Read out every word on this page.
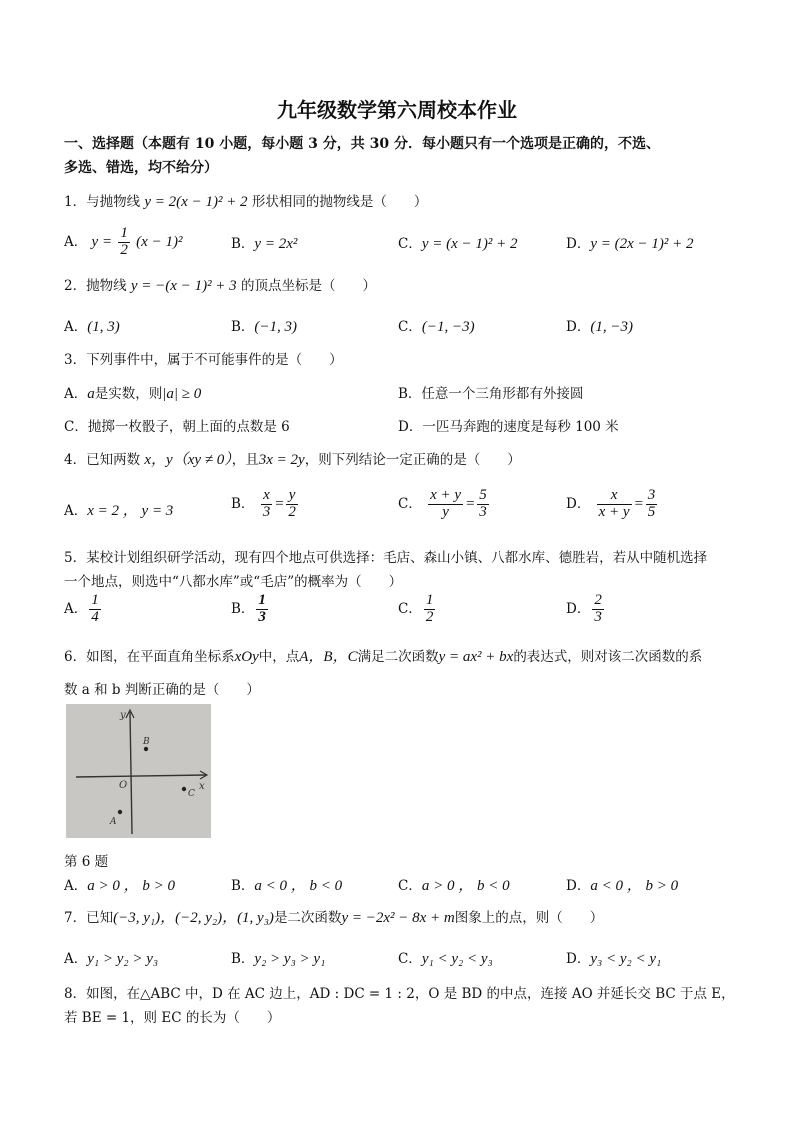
九年级数学第六周校本作业
一、选择题（本题有 10 小题，每小题 3 分，共 30 分．每小题只有一个选项是正确的，不选、
多选、错选，均不给分）
1．与抛物线 y = 2(x − 1)² + 2 形状相同的抛物线是（　　）
A． $y = \frac{1}{2} (x - 1)^2$	B．y = 2x²	C．y = (x − 1)² + 2	D．y = (2x − 1)² + 2
2．抛物线 y = −(x − 1)² + 3 的顶点坐标是（　　）
A．(1, 3)	B．(−1, 3)	C．(−1, −3)	D．(1, −3)
3．下列事件中，属于不可能事件的是（　　）
A．a是实数，则|a| ≥ 0	B．任意一个三角形都有外接圆
C．抛掷一枚骰子，朝上面的点数是 6	D．一匹马奔跑的速度是每秒 100 米
4．已知两数 x，y（xy ≠ 0），且3x = 2y，则下列结论一定正确的是（　　）
A．x = 2 ， y = 3	B． $\frac{x}{3} = \frac{y}{2}$	C． $\frac{x + y}{y} = \frac{5}{3}$	D． $\frac{x}{x + y} = \frac{3}{5}$
5．某校计划组织研学活动，现有四个地点可供选择：毛店、森山小镇、八都水库、德胜岩，若从中随机选择
一个地点，则选中“八都水库”或“毛店”的概率为（　　）
A． $\frac{1}{4}$	B． $\frac{1}{3}$	C． $\frac{1}{2}$	D． $\frac{2}{3}$
6．如图，在平面直角坐标系xOy中，点A，B，C满足二次函数y = ax² + bx的表达式，则对该二次函数的系
数 a 和 b 判断正确的是（　　）
y
x
O
B
C
A
第 6 题
A．a > 0 ， b > 0	B．a < 0 ， b < 0	C．a > 0 ， b < 0	D．a < 0 ， b > 0
7．已知(−3, y₁)，(−2, y₂)，(1, y₃)是二次函数y = −2x² − 8x + m图象上的点，则（　　）
A．y₁ > y₂ > y₃	B．y₂ > y₃ > y₁	C．y₁ < y₂ < y₃	D．y₃ < y₂ < y₁
8．如图，在△ABC 中，D 在 AC 边上，AD : DC = 1 : 2，O 是 BD 的中点，连接 AO 并延长交 BC 于点 E，
若 BE = 1，则 EC 的长为（　　）
